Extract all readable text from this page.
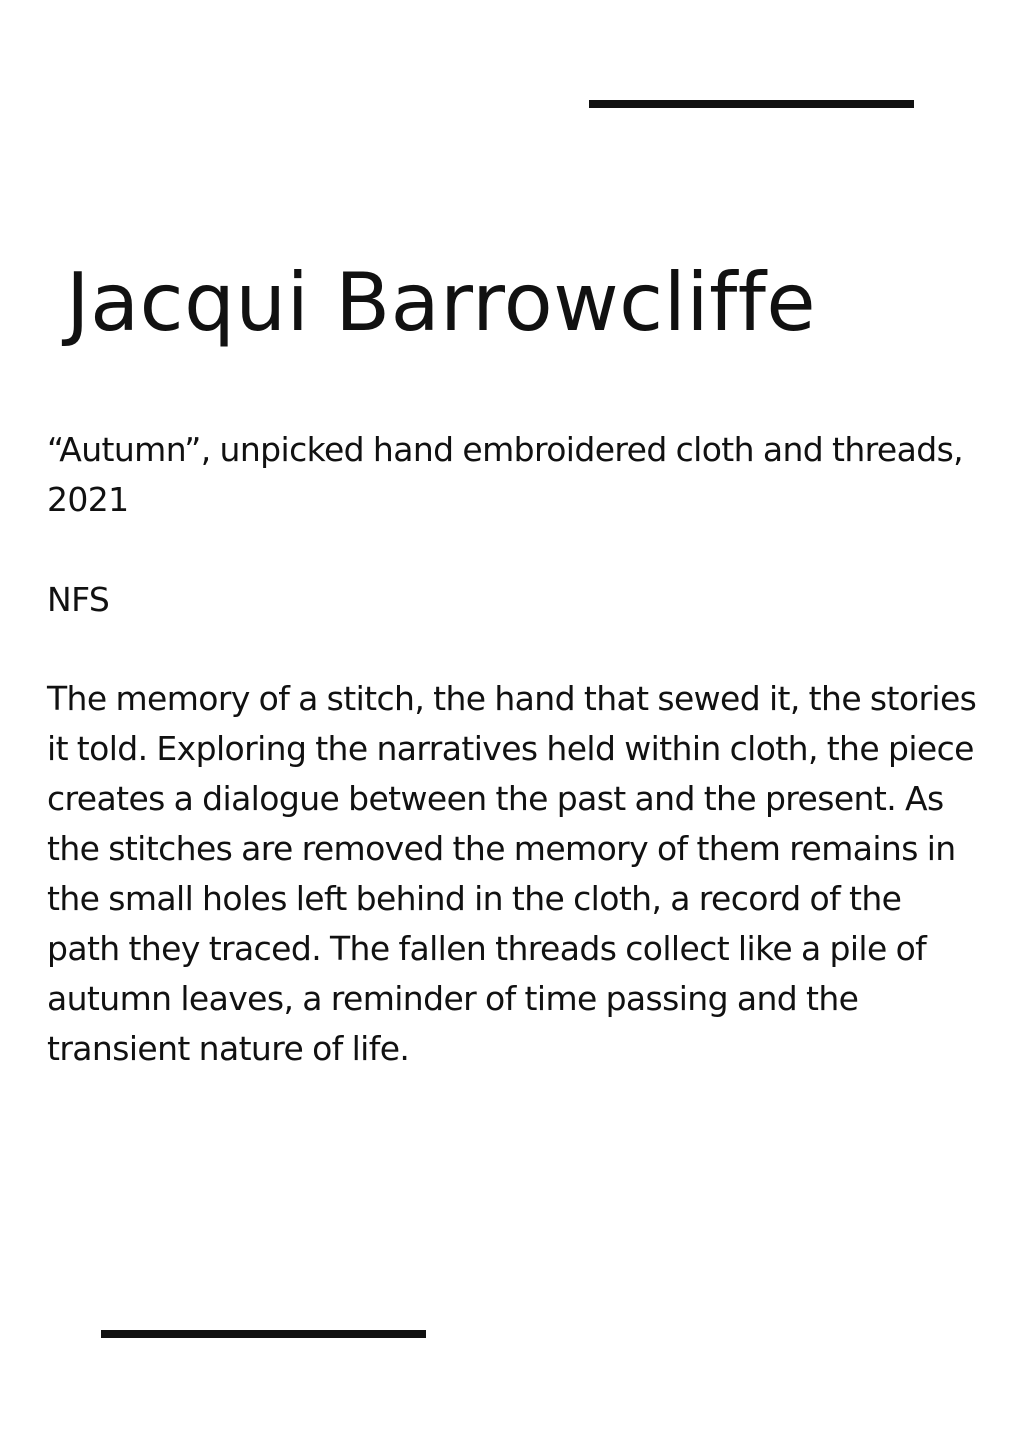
Jacqui Barrowcliffe

“Autumn”, unpicked hand embroidered cloth and threads, 2021

NFS

The memory of a stitch, the hand that sewed it, the stories it told. Exploring the narratives held within cloth, the piece creates a dialogue between the past and the present. As the stitches are removed the memory of them remains in the small holes left behind in the cloth, a record of the path they traced. The fallen threads collect like a pile of autumn leaves, a reminder of time passing and the transient nature of life.
